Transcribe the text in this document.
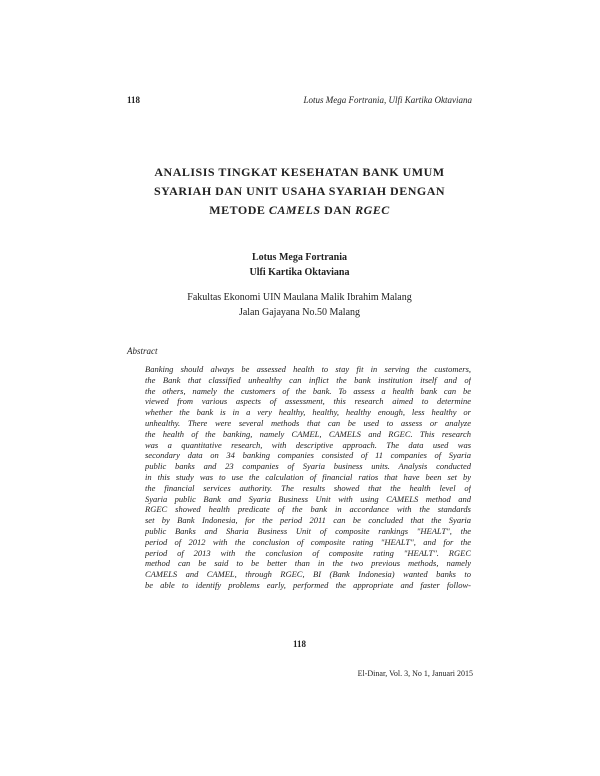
118	Lotus Mega Fortrania, Ulfi Kartika Oktaviana
ANALISIS TINGKAT KESEHATAN BANK UMUM
SYARIAH DAN UNIT USAHA SYARIAH DENGAN
METODE CAMELS DAN RGEC
Lotus Mega Fortrania
Ulfi Kartika Oktaviana
Fakultas Ekonomi UIN Maulana Malik Ibrahim Malang
Jalan Gajayana No.50 Malang
Abstract
Banking should always be assessed health to stay fit in serving the customers,
the Bank that classified unhealthy can inflict the bank institution itself and of
the others, namely the customers of the bank. To assess a health bank can be
viewed from various aspects of assessment, this research aimed to determine
whether the bank is in a very healthy, healthy, healthy enough, less healthy or
unhealthy. There were several methods that can be used to assess or analyze
the health of the banking, namely CAMEL, CAMELS and RGEC. This research
was a quantitative research, with descriptive approach. The data used was
secondary data on 34 banking companies consisted of 11 companies of Syaria
public banks and 23 companies of Syaria business units. Analysis conducted
in this study was to use the calculation of financial ratios that have been set by
the financial services authority. The results showed that the health level of
Syaria public Bank and Syaria Business Unit with using CAMELS method and
RGEC showed health predicate of the bank in accordance with the standards
set by Bank Indonesia, for the period 2011 can be concluded that the Syaria
public Banks and Sharia Business Unit of composite rankings "HEALT", the
period of 2012 with the conclusion of composite rating "HEALT", and for the
period of 2013 with the conclusion of composite rating "HEALT". RGEC
method can be said to be better than in the two previous methods, namely
CAMELS and CAMEL, through RGEC, BI (Bank Indonesia) wanted banks to
be able to identify problems early, performed the appropriate and faster follow-
118
El-Dinar, Vol. 3, No 1, Januari 2015
